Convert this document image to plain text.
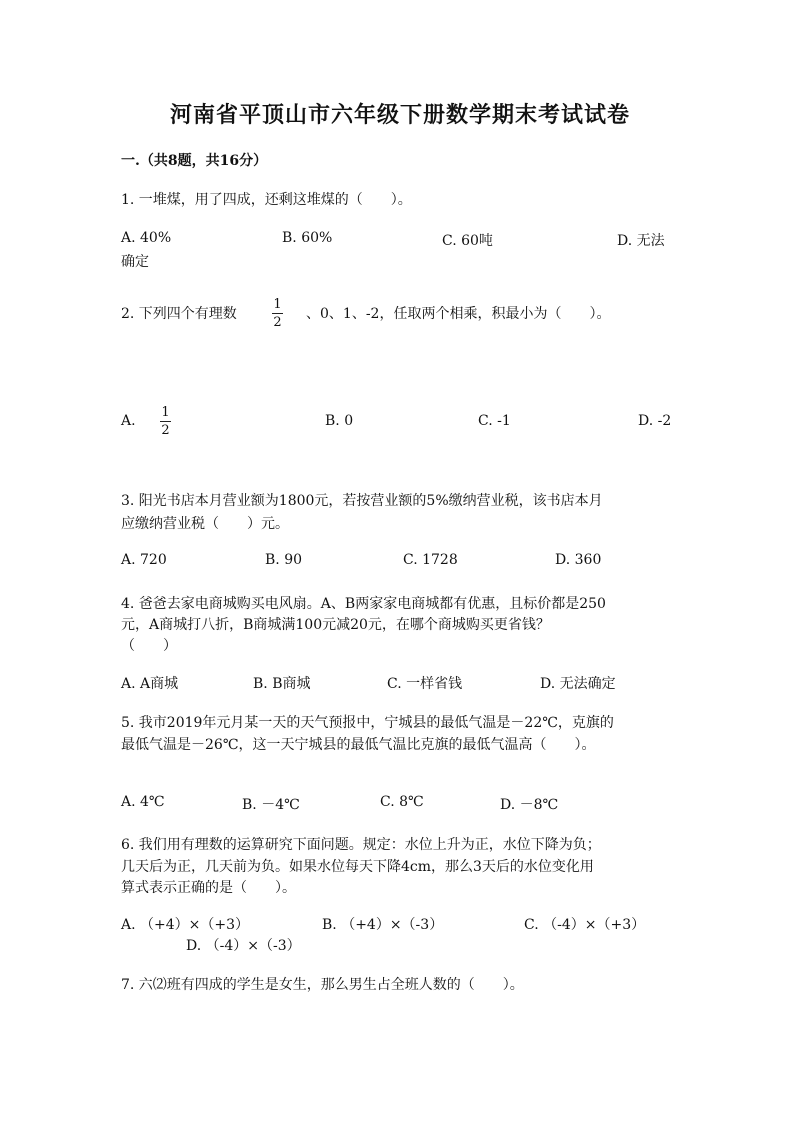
河南省平顶山市六年级下册数学期末考试试卷
一.（共8题，共16分）
1. 一堆煤，用了四成，还剩这堆煤的（　　）。
A. 40%	B. 60%	C. 60吨	D. 无法
确定
2. 下列四个有理数
1
2
、0、1、-2，任取两个相乘，积最小为（　　）。
A.
1
2
B. 0	C. -1	D. -2
3. 阳光书店本月营业额为1800元，若按营业额的5%缴纳营业税，该书店本月
应缴纳营业税（　　）元。
A. 720	B. 90	C. 1728	D. 360
4. 爸爸去家电商城购买电风扇。A、B两家家电商城都有优惠，且标价都是250
元，A商城打八折，B商城满100元减20元，在哪个商城购买更省钱？
（　　）
A. A商城	B. B商城	C. 一样省钱	D. 无法确定
5. 我市2019年元月某一天的天气预报中，宁城县的最低气温是－22℃，克旗的
最低气温是－26℃，这一天宁城县的最低气温比克旗的最低气温高（　　）。
A. 4℃	B. －4℃	C. 8℃	D. －8℃
6. 我们用有理数的运算研究下面问题。规定：水位上升为正，水位下降为负；
几天后为正，几天前为负。如果水位每天下降4cm，那么3天后的水位变化用
算式表示正确的是（　　）。
A. （+4）×（+3）	B. （+4）×（-3）	C. （-4）×（+3）
D. （-4）×（-3）
7. 六⑵班有四成的学生是女生，那么男生占全班人数的（　　）。
